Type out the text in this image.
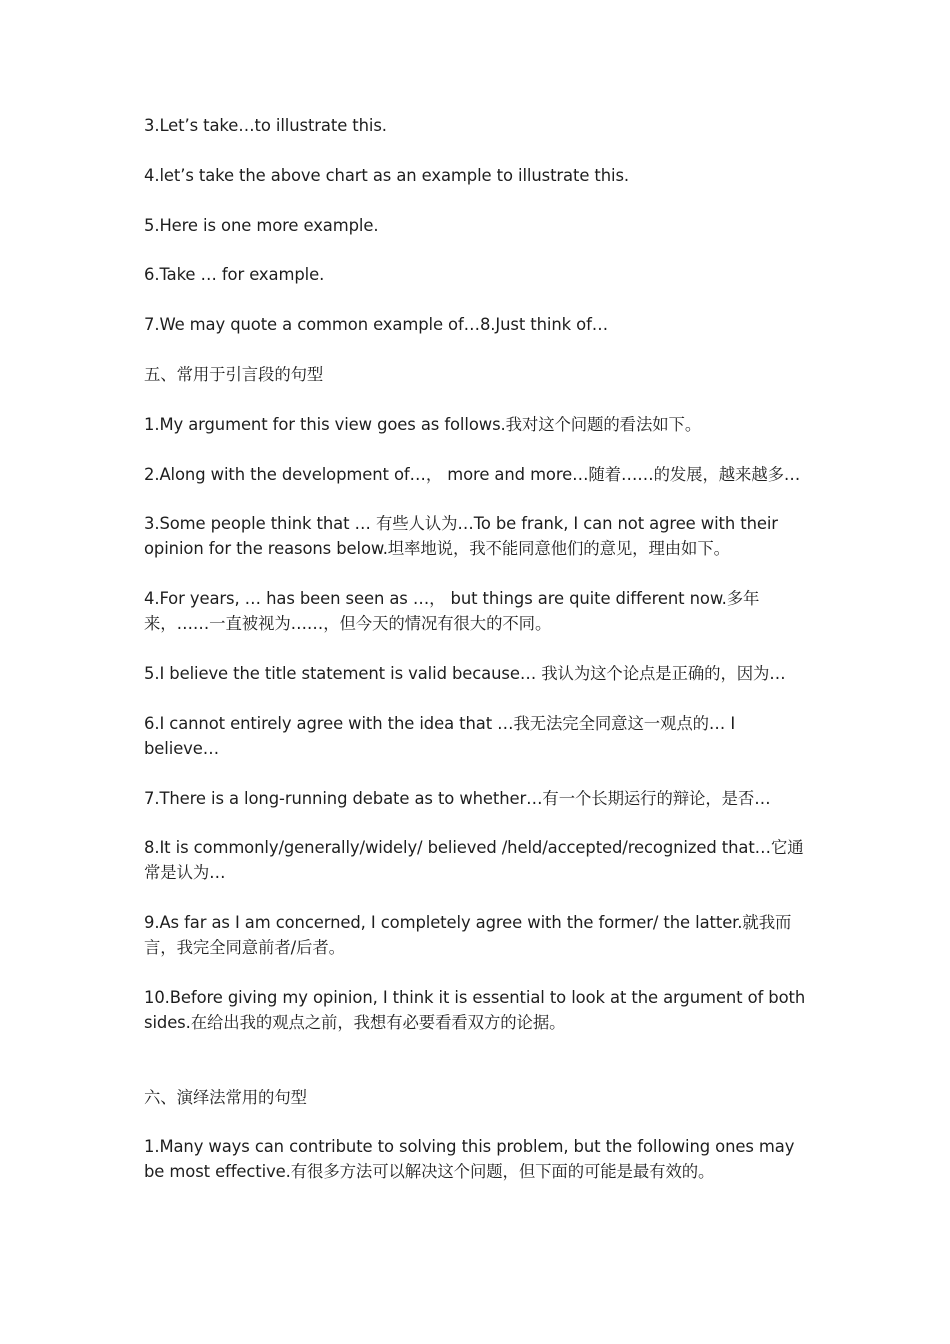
3.Let’s take…to illustrate this.

4.let’s take the above chart as an example to illustrate this.

5.Here is one more example.

6.Take … for example.

7.We may quote a common example of…8.Just think of…

五、常用于引言段的句型

1.My argument for this view goes as follows.我对这个问题的看法如下。

2.Along with the development of…， more and more…随着……的发展，越来越多…

3.Some people think that … 有些人认为…To be frank, I can not agree with their opinion for the reasons below.坦率地说，我不能同意他们的意见，理由如下。

4.For years, … has been seen as …， but things are quite different now.多年来，……一直被视为……，但今天的情况有很大的不同。

5.I believe the title statement is valid because… 我认为这个论点是正确的，因为…

6.I cannot entirely agree with the idea that …我无法完全同意这一观点的… I believe…

7.There is a long-running debate as to whether…有一个长期运行的辩论，是否…

8.It is commonly/generally/widely/ believed /held/accepted/recognized that…它通常是认为…

9.As far as I am concerned, I completely agree with the former/ the latter.就我而言，我完全同意前者/后者。

10.Before giving my opinion, I think it is essential to look at the argument of both sides.在给出我的观点之前，我想有必要看看双方的论据。

六、演绎法常用的句型

1.Many ways can contribute to solving this problem, but the following ones may be most effective.有很多方法可以解决这个问题，但下面的可能是最有效的。
